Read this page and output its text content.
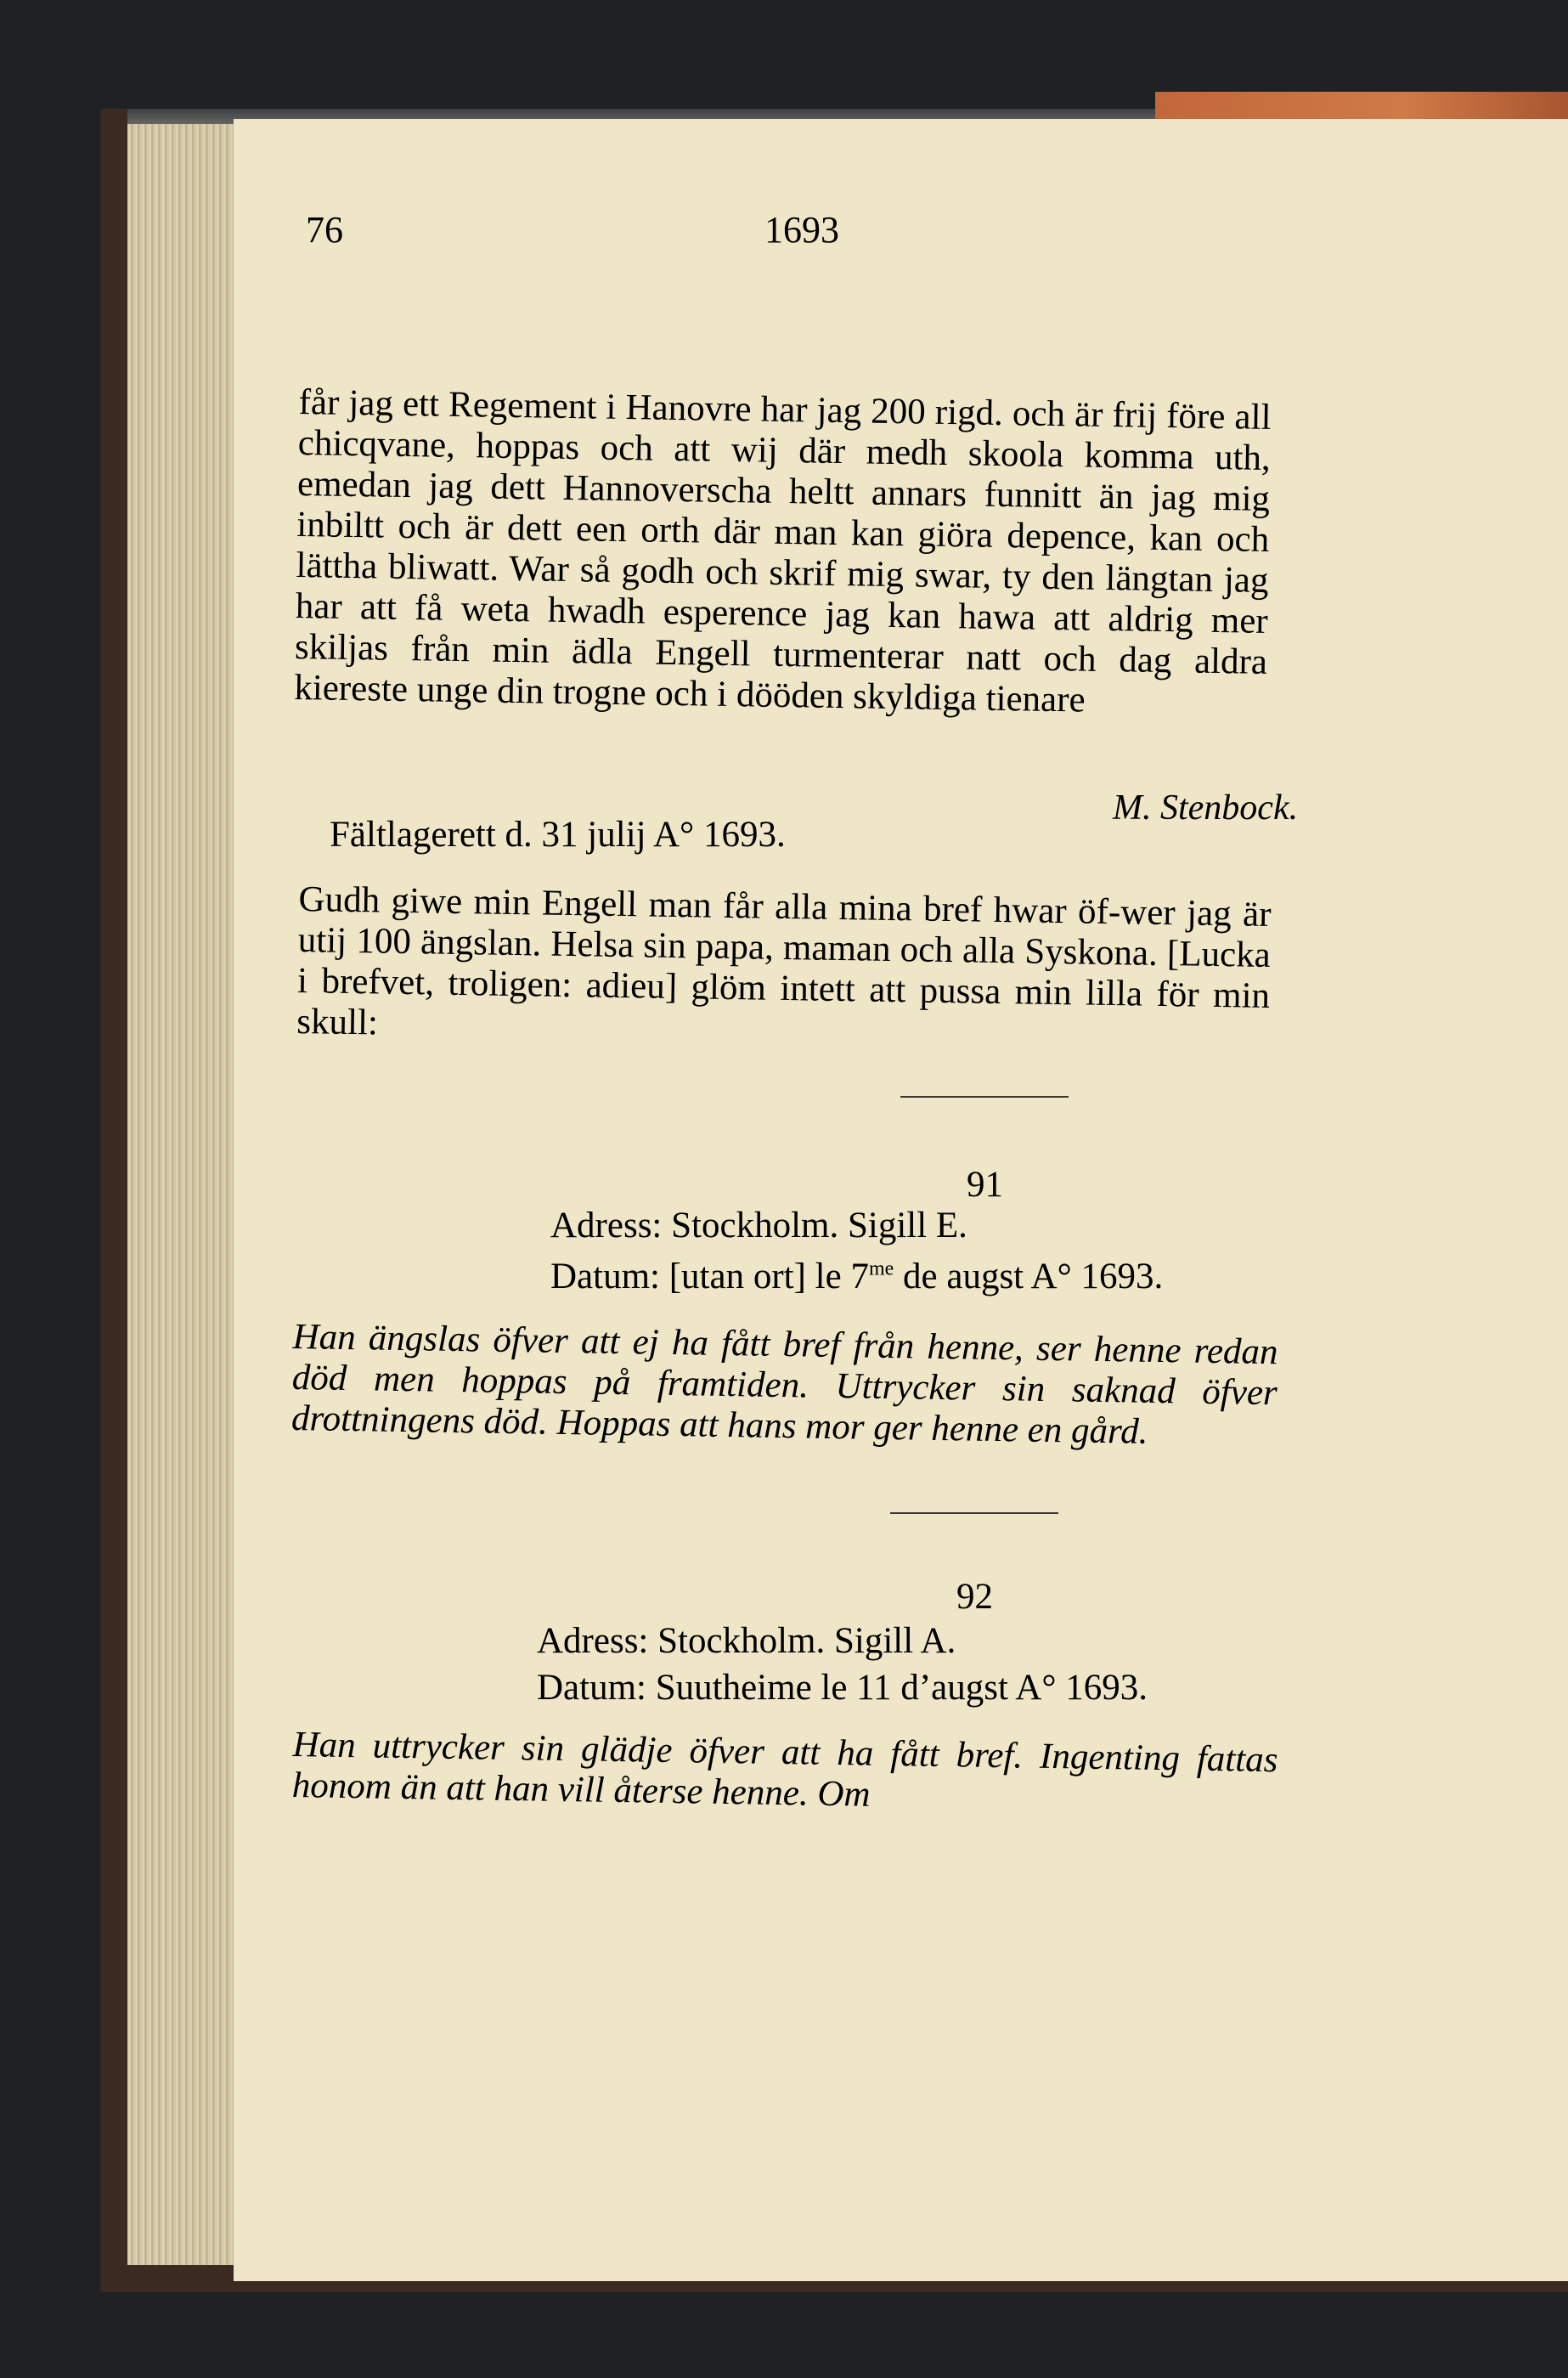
76	1693

får jag ett Regement i Hanovre har jag 200 rigd. och är frij före all chicqvane, hoppas och att wij där medh skoola komma uth, emedan jag dett Hannoverscha heltt annars funnitt än jag mig inbiltt och är dett een orth där man kan giöra depence, kan och lättha bliwatt. War så godh och skrif mig swar, ty den längtan jag har att få weta hwadh esperence jag kan hawa att aldrig mer skiljas från min ädla Engell turmenterar natt och dag aldra kiereste unge din trogne och i dööden skyldiga tienare

M. Stenbock.
Fältlagerett d. 31 julij A° 1693.

Gudh giwe min Engell man får alla mina bref hwar öf-wer jag är utij 100 ängslan. Helsa sin papa, maman och alla Syskona. [Lucka i brefvet, troligen: adieu] glöm intett att pussa min lilla för min skull:

91
Adress: Stockholm. Sigill E.
Datum: [utan ort] le $7^{me}$ de augst A° 1693.
Han ängslas öfver att ej ha fått bref från henne, ser henne redan död men hoppas på framtiden. Uttrycker sin saknad öfver drottningens död. Hoppas att hans mor ger henne en gård.
92
Adress: Stockholm. Sigill A.
Datum: Suutheime le 11 d’augst A° 1693.
Han uttrycker sin glädje öfver att ha fått bref. Ingenting fattas honom än att han vill återse henne. Om
